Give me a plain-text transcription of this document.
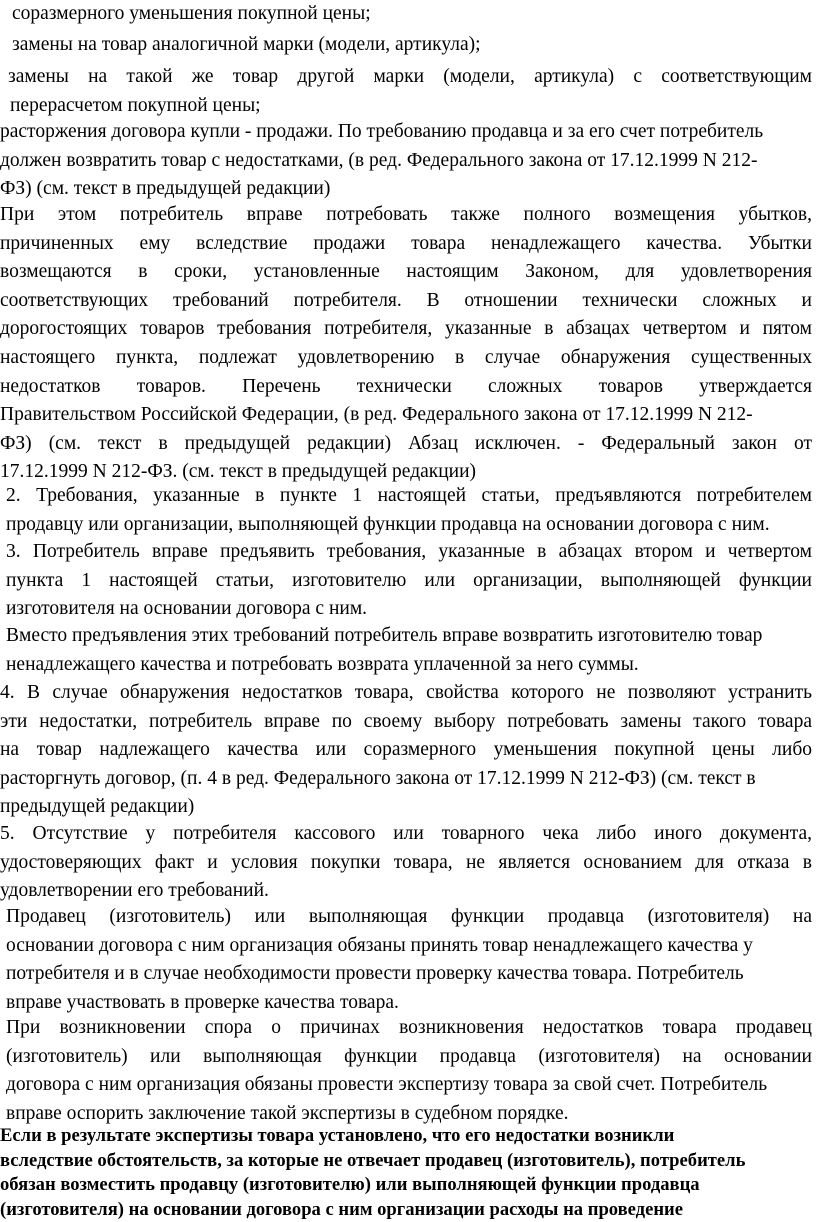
соразмерного уменьшения покупной цены;
замены на товар аналогичной марки (модели, артикула);
замены на такой же товар другой марки (модели, артикула) с соответствующим
перерасчетом покупной цены;
расторжения договора купли - продажи. По требованию продавца и за его счет потребитель
должен возвратить товар с недостатками, (в ред. Федерального закона от 17.12.1999 N 212-
ФЗ) (см. текст в предыдущей редакции)
При этом потребитель вправе потребовать также полного возмещения убытков,
причиненных ему вследствие продажи товара ненадлежащего качества. Убытки
возмещаются в сроки, установленные настоящим Законом, для удовлетворения
соответствующих требований потребителя. В отношении технически сложных и
дорогостоящих товаров требования потребителя, указанные в абзацах четвертом и пятом
настоящего пункта, подлежат удовлетворению в случае обнаружения существенных
недостатков товаров. Перечень технически сложных товаров утверждается
Правительством Российской Федерации, (в ред. Федерального закона от 17.12.1999 N 212-
ФЗ) (см. текст в предыдущей редакции) Абзац исключен. - Федеральный закон от
17.12.1999 N 212-ФЗ. (см. текст в предыдущей редакции)
2. Требования, указанные в пункте 1 настоящей статьи, предъявляются потребителем
продавцу или организации, выполняющей функции продавца на основании договора с ним.
3. Потребитель вправе предъявить требования, указанные в абзацах втором и четвертом
пункта 1 настоящей статьи, изготовителю или организации, выполняющей функции
изготовителя на основании договора с ним.
Вместо предъявления этих требований потребитель вправе возвратить изготовителю товар
ненадлежащего качества и потребовать возврата уплаченной за него суммы.
4. В случае обнаружения недостатков товара, свойства которого не позволяют устранить
эти недостатки, потребитель вправе по своему выбору потребовать замены такого товара
на товар надлежащего качества или соразмерного уменьшения покупной цены либо
расторгнуть договор, (п. 4 в ред. Федерального закона от 17.12.1999 N 212-ФЗ) (см. текст в
предыдущей редакции)
5. Отсутствие у потребителя кассового или товарного чека либо иного документа,
удостоверяющих факт и условия покупки товара, не является основанием для отказа в
удовлетворении его требований.
Продавец (изготовитель) или выполняющая функции продавца (изготовителя) на
основании договора с ним организация обязаны принять товар ненадлежащего качества у
потребителя и в случае необходимости провести проверку качества товара. Потребитель
вправе участвовать в проверке качества товара.
При возникновении спора о причинах возникновения недостатков товара продавец
(изготовитель) или выполняющая функции продавца (изготовителя) на основании
договора с ним организация обязаны провести экспертизу товара за свой счет. Потребитель
вправе оспорить заключение такой экспертизы в судебном порядке.
Если в результате экспертизы товара установлено, что его недостатки возникли
вследствие обстоятельств, за которые не отвечает продавец (изготовитель), потребитель
обязан возместить продавцу (изготовителю) или выполняющей функции продавца
(изготовителя) на основании договора с ним организации расходы на проведение
